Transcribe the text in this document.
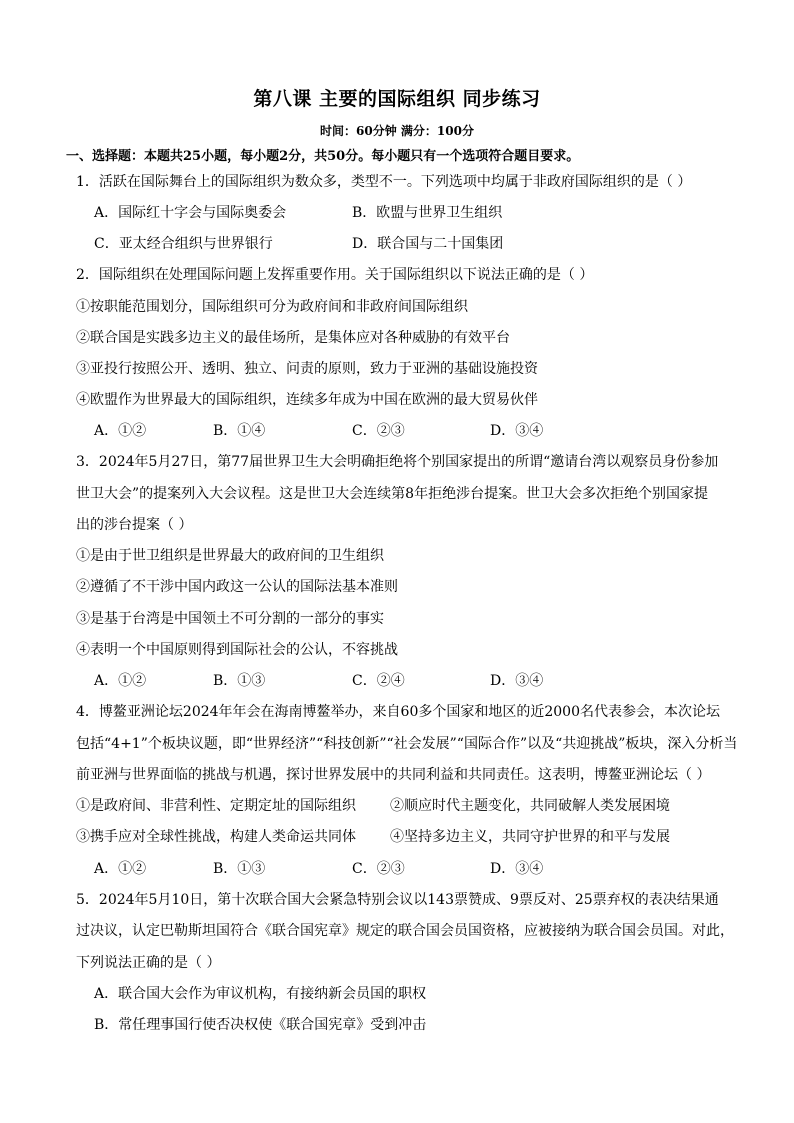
第八课 主要的国际组织 同步练习
时间：60分钟 满分：100分
一、选择题：本题共25小题，每小题2分，共50分。每小题只有一个选项符合题目要求。
1．活跃在国际舞台上的国际组织为数众多，类型不一。下列选项中均属于非政府国际组织的是（ ）
A．国际红十字会与国际奥委会	B．欧盟与世界卫生组织
C．亚太经合组织与世界银行	D．联合国与二十国集团
2．国际组织在处理国际问题上发挥重要作用。关于国际组织以下说法正确的是（ ）
①按职能范围划分，国际组织可分为政府间和非政府间国际组织
②联合国是实践多边主义的最佳场所，是集体应对各种威胁的有效平台
③亚投行按照公开、透明、独立、问责的原则，致力于亚洲的基础设施投资
④欧盟作为世界最大的国际组织，连续多年成为中国在欧洲的最大贸易伙伴
A．①②	B．①④	C．②③	D．③④
3．2024年5月27日，第77届世界卫生大会明确拒绝将个别国家提出的所谓“邀请台湾以观察员身份参加
世卫大会”的提案列入大会议程。这是世卫大会连续第8年拒绝涉台提案。世卫大会多次拒绝个别国家提
出的涉台提案（ ）
①是由于世卫组织是世界最大的政府间的卫生组织
②遵循了不干涉中国内政这一公认的国际法基本准则
③是基于台湾是中国领土不可分割的一部分的事实
④表明一个中国原则得到国际社会的公认，不容挑战
A．①②	B．①③	C．②④	D．③④
4．博鳌亚洲论坛2024年年会在海南博鳌举办，来自60多个国家和地区的近2000名代表参会，本次论坛
包括“4+1”个板块议题，即“世界经济”“科技创新”“社会发展”“国际合作”以及“共迎挑战”板块，深入分析当
前亚洲与世界面临的挑战与机遇，探讨世界发展中的共同利益和共同责任。这表明，博鳌亚洲论坛（ ）
①是政府间、非营利性、定期定址的国际组织 ②顺应时代主题变化，共同破解人类发展困境
③携手应对全球性挑战，构建人类命运共同体 ④坚持多边主义，共同守护世界的和平与发展
A．①②	B．①③	C．②③	D．③④
5．2024年5月10日，第十次联合国大会紧急特别会议以143票赞成、9票反对、25票弃权的表决结果通
过决议，认定巴勒斯坦国符合《联合国宪章》规定的联合国会员国资格，应被接纳为联合国会员国。对此，
下列说法正确的是（ ）
A．联合国大会作为审议机构，有接纳新会员国的职权
B．常任理事国行使否决权使《联合国宪章》受到冲击
